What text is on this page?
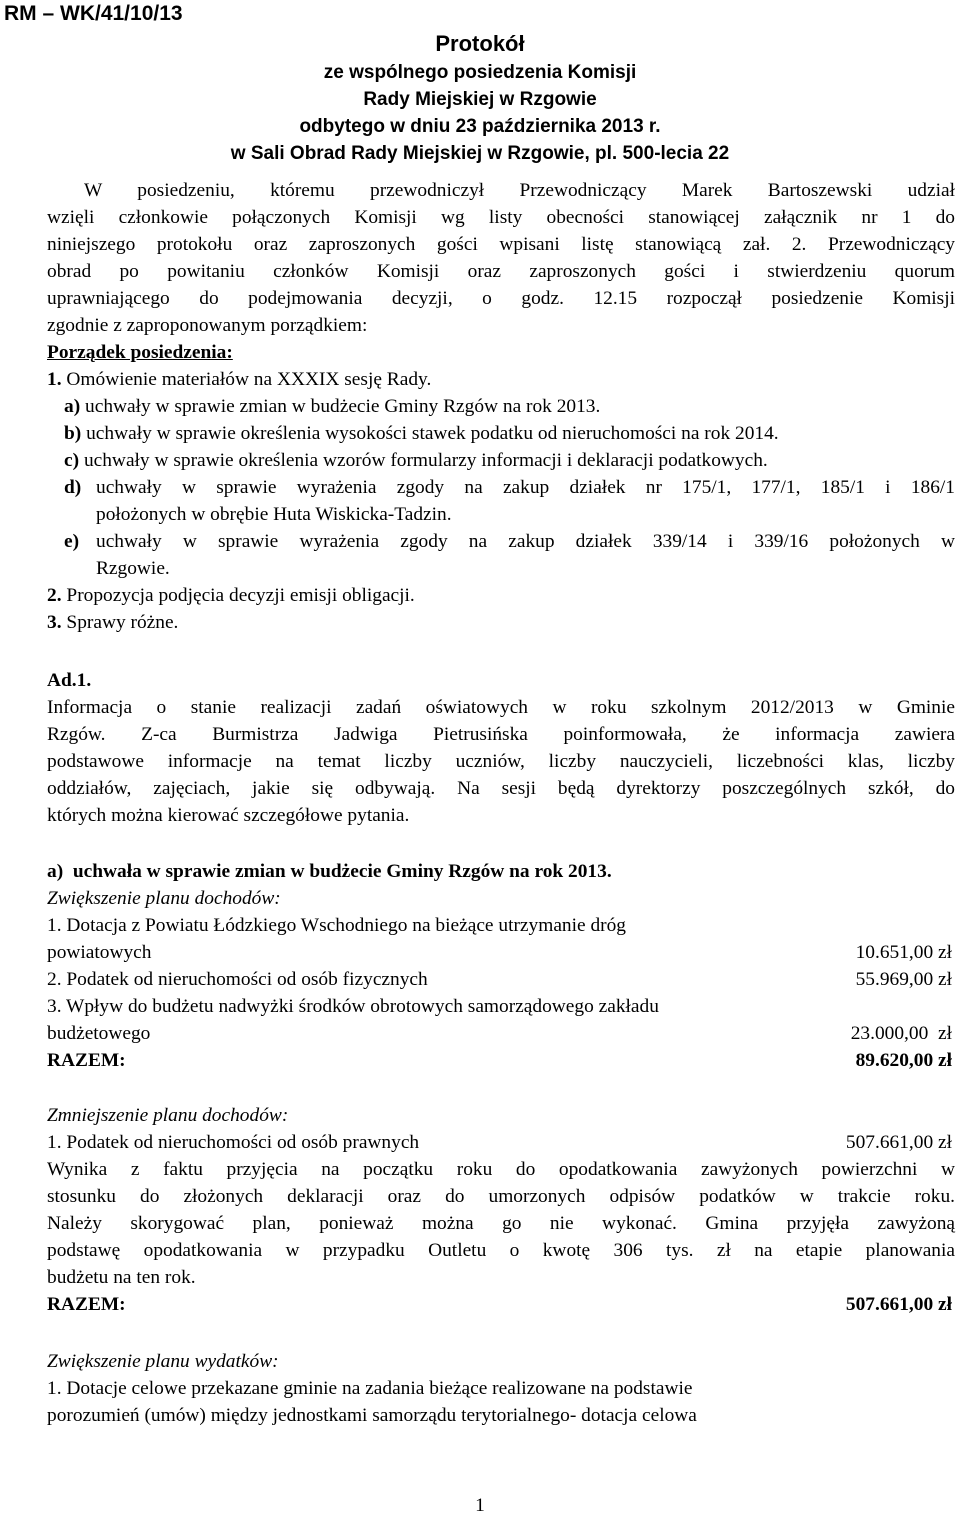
RM – WK/41/10/13
Protokół
ze wspólnego posiedzenia Komisji
Rady Miejskiej w Rzgowie
odbytego w dniu 23 października 2013 r.
w Sali Obrad Rady Miejskiej w Rzgowie, pl. 500-lecia 22
W posiedzeniu, któremu przewodniczył Przewodniczący Marek Bartoszewski udział
wzięli członkowie połączonych Komisji wg listy obecności stanowiącej załącznik nr 1 do
niniejszego protokołu oraz zaproszonych gości wpisani listę stanowiącą zał. 2. Przewodniczący
obrad po powitaniu członków Komisji oraz zaproszonych gości i stwierdzeniu quorum
uprawniającego do podejmowania decyzji, o godz. 12.15 rozpoczął posiedzenie Komisji
zgodnie z zaproponowanym porządkiem:
Porządek posiedzenia:
1. Omówienie materiałów na XXXIX sesję Rady.
a) uchwały w sprawie zmian w budżecie Gminy Rzgów na rok 2013.
b) uchwały w sprawie określenia wysokości stawek podatku od nieruchomości na rok 2014.
c) uchwały w sprawie określenia wzorów formularzy informacji i deklaracji podatkowych.
d) uchwały w sprawie wyrażenia zgody na zakup działek nr 175/1, 177/1, 185/1 i 186/1
położonych w obrębie Huta Wiskicka-Tadzin.
e) uchwały w sprawie wyrażenia zgody na zakup działek 339/14 i 339/16 położonych w
Rzgowie.
2. Propozycja podjęcia decyzji emisji obligacji.
3. Sprawy różne.
Ad.1.
Informacja o stanie realizacji zadań oświatowych w roku szkolnym 2012/2013 w Gminie
Rzgów. Z-ca Burmistrza Jadwiga Pietrusińska poinformowała, że informacja zawiera
podstawowe informacje na temat liczby uczniów, liczby nauczycieli, liczebności klas, liczby
oddziałów, zajęciach, jakie się odbywają. Na sesji będą dyrektorzy poszczególnych szkół, do
których można kierować szczegółowe pytania.
a) uchwała w sprawie zmian w budżecie Gminy Rzgów na rok 2013.
Zwiększenie planu dochodów:
1. Dotacja z Powiatu Łódzkiego Wschodniego na bieżące utrzymanie dróg
powiatowych	10.651,00 zł
2. Podatek od nieruchomości od osób fizycznych	55.969,00 zł
3. Wpływ do budżetu nadwyżki środków obrotowych samorządowego zakładu
budżetowego	23.000,00  zł
RAZEM:	89.620,00 zł
Zmniejszenie planu dochodów:
1. Podatek od nieruchomości od osób prawnych	507.661,00 zł
Wynika z faktu przyjęcia na początku roku do opodatkowania zawyżonych powierzchni w
stosunku do złożonych deklaracji oraz do umorzonych odpisów podatków w trakcie roku.
Należy skorygować plan, ponieważ można go nie wykonać. Gmina przyjęła zawyżoną
podstawę opodatkowania w przypadku Outletu o kwotę 306 tys. zł na etapie planowania
budżetu na ten rok.
RAZEM:	507.661,00 zł
Zwiększenie planu wydatków:
1. Dotacje celowe przekazane gminie na zadania bieżące realizowane na podstawie
porozumień (umów) między jednostkami samorządu terytorialnego- dotacja celowa
1
